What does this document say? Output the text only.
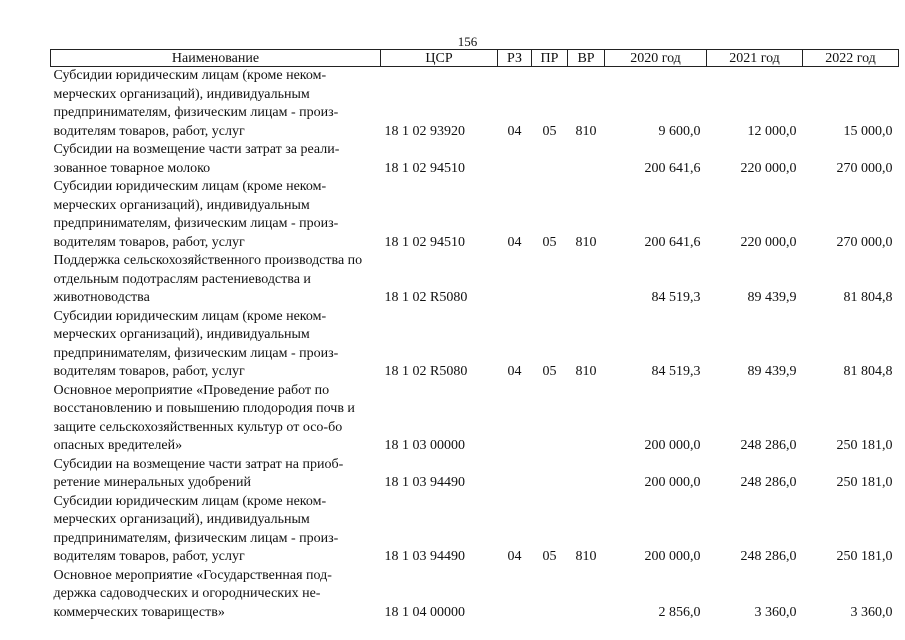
156
Наименование	ЦСР	РЗ	ПР	ВР	2020 год	2021 год	2022 год
Субсидии юридическим лицам (кроме неком-мерческих организаций), индивидуальным предпринимателям, физическим лицам - произ-водителям товаров, работ, услуг	18 1 02 93920	04	05	810	9 600,0	12 000,0	15 000,0
Субсидии на возмещение части затрат за реали-зованное товарное молоко	18 1 02 94510				200 641,6	220 000,0	270 000,0
Субсидии юридическим лицам (кроме неком-мерческих организаций), индивидуальным предпринимателям, физическим лицам - произ-водителям товаров, работ, услуг	18 1 02 94510	04	05	810	200 641,6	220 000,0	270 000,0
Поддержка сельскохозяйственного производства по отдельным подотраслям растениеводства и животноводства	18 1 02 R5080				84 519,3	89 439,9	81 804,8
Субсидии юридическим лицам (кроме неком-мерческих организаций), индивидуальным предпринимателям, физическим лицам - произ-водителям товаров, работ, услуг	18 1 02 R5080	04	05	810	84 519,3	89 439,9	81 804,8
Основное мероприятие «Проведение работ по восстановлению и повышению плодородия почв и защите сельскохозяйственных культур от осо-бо опасных вредителей»	18 1 03 00000				200 000,0	248 286,0	250 181,0
Субсидии на возмещение части затрат на приоб-ретение минеральных удобрений	18 1 03 94490				200 000,0	248 286,0	250 181,0
Субсидии юридическим лицам (кроме неком-мерческих организаций), индивидуальным предпринимателям, физическим лицам - произ-водителям товаров, работ, услуг	18 1 03 94490	04	05	810	200 000,0	248 286,0	250 181,0
Основное мероприятие «Государственная под-держка садоводческих и огороднических не-коммерческих товариществ»	18 1 04 00000				2 856,0	3 360,0	3 360,0
